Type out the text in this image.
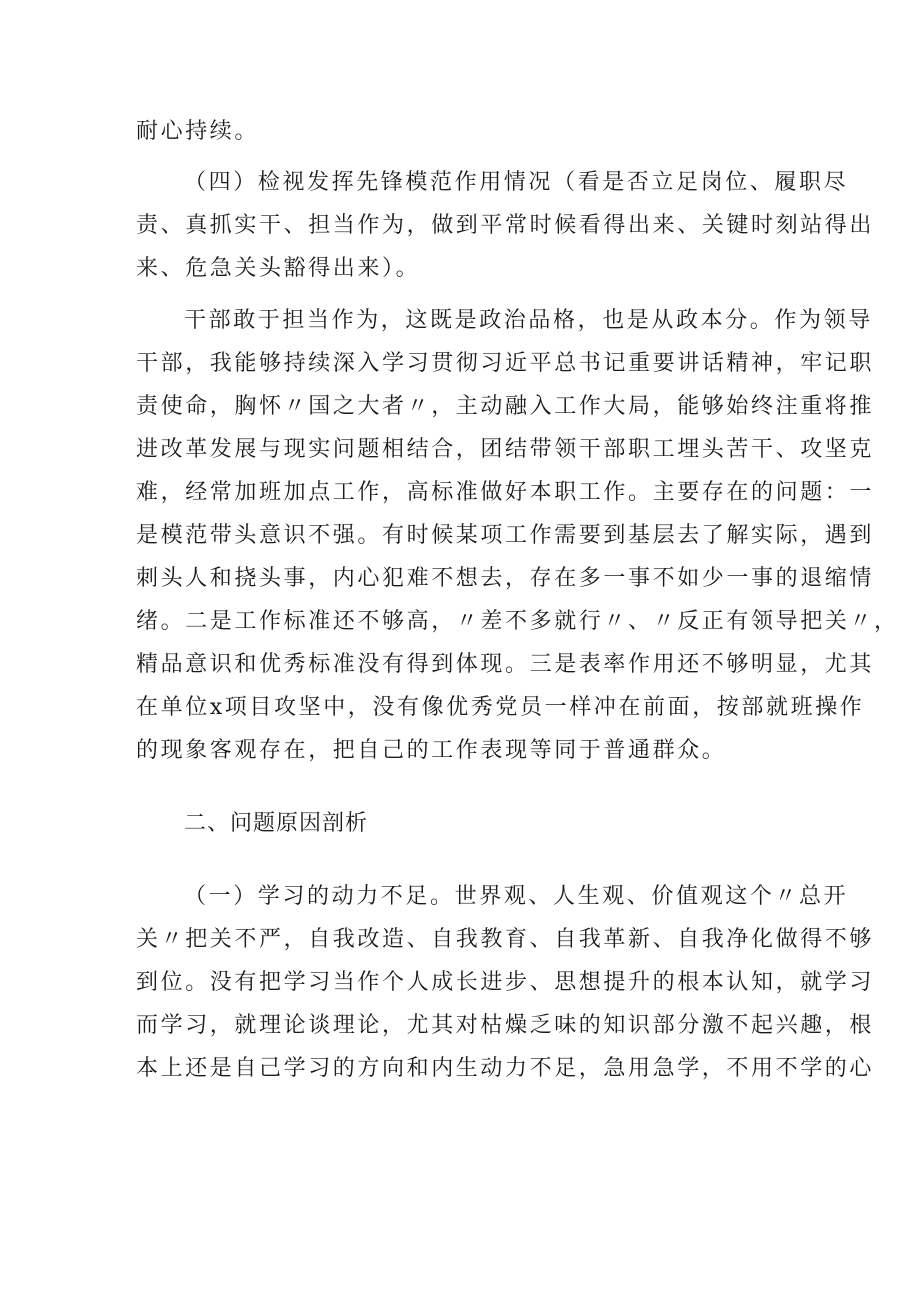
耐心持续。
（四）检视发挥先锋模范作用情况（看是否立足岗位、履职尽
责、真抓实干、担当作为，做到平常时候看得出来、关键时刻站得出
来、危急关头豁得出来）。
干部敢于担当作为，这既是政治品格，也是从政本分。作为领导
干部，我能够持续深入学习贯彻习近平总书记重要讲话精神，牢记职
责使命，胸怀〃国之大者〃，主动融入工作大局，能够始终注重将推
进改革发展与现实问题相结合，团结带领干部职工埋头苦干、攻坚克
难，经常加班加点工作，高标准做好本职工作。主要存在的问题：一
是模范带头意识不强。有时候某项工作需要到基层去了解实际，遇到
刺头人和挠头事，内心犯难不想去，存在多一事不如少一事的退缩情
绪。二是工作标准还不够高，〃差不多就行〃、〃反正有领导把关〃，
精品意识和优秀标准没有得到体现。三是表率作用还不够明显，尤其
在单位x项目攻坚中，没有像优秀党员一样冲在前面，按部就班操作
的现象客观存在，把自己的工作表现等同于普通群众。
二、问题原因剖析
（一）学习的动力不足。世界观、人生观、价值观这个〃总开
关〃把关不严，自我改造、自我教育、自我革新、自我净化做得不够
到位。没有把学习当作个人成长进步、思想提升的根本认知，就学习
而学习，就理论谈理论，尤其对枯燥乏味的知识部分激不起兴趣，根
本上还是自己学习的方向和内生动力不足，急用急学，不用不学的心
